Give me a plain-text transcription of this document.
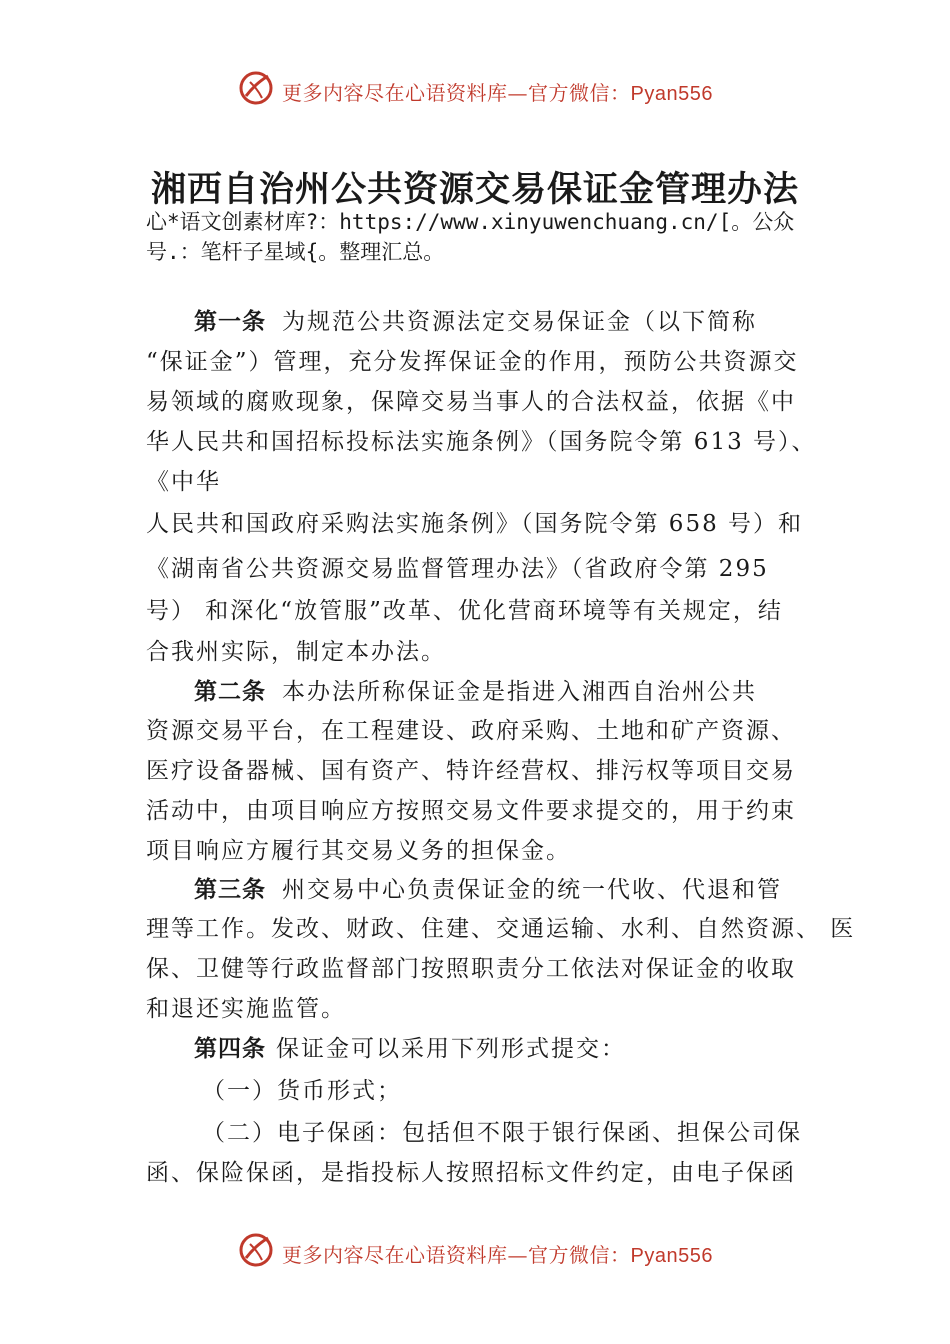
更多内容尽在心语资料库—官方微信：Pyan556
湘西自治州公共资源交易保证金管理办法
心*语文创素材库?：https://www.xinyuwenchuang.cn/[。公众
号.：笔杆子星域{。整理汇总。
第一条 为规范公共资源法定交易保证金（以下简称
“保证金”）管理，充分发挥保证金的作用，预防公共资源交
易领域的腐败现象，保障交易当事人的合法权益，依据《中
华人民共和国招标投标法实施条例》（国务院令第 613 号）、
《中华
人民共和国政府采购法实施条例》（国务院令第 658 号）和
《湖南省公共资源交易监督管理办法》（省政府令第 295
号） 和深化“放管服”改革、优化营商环境等有关规定，结
合我州实际，制定本办法。
第二条 本办法所称保证金是指进入湘西自治州公共
资源交易平台，在工程建设、政府采购、土地和矿产资源、
医疗设备器械、国有资产、特许经营权、排污权等项目交易
活动中，由项目响应方按照交易文件要求提交的，用于约束
项目响应方履行其交易义务的担保金。
第三条 州交易中心负责保证金的统一代收、代退和管
理等工作。发改、财政、住建、交通运输、水利、自然资源、 医
保、卫健等行政监督部门按照职责分工依法对保证金的收取
和退还实施监管。
第四条 保证金可以采用下列形式提交：
（一）货币形式；
（二）电子保函：包括但不限于银行保函、担保公司保
函、保险保函，是指投标人按照招标文件约定，由电子保函
更多内容尽在心语资料库—官方微信：Pyan556
